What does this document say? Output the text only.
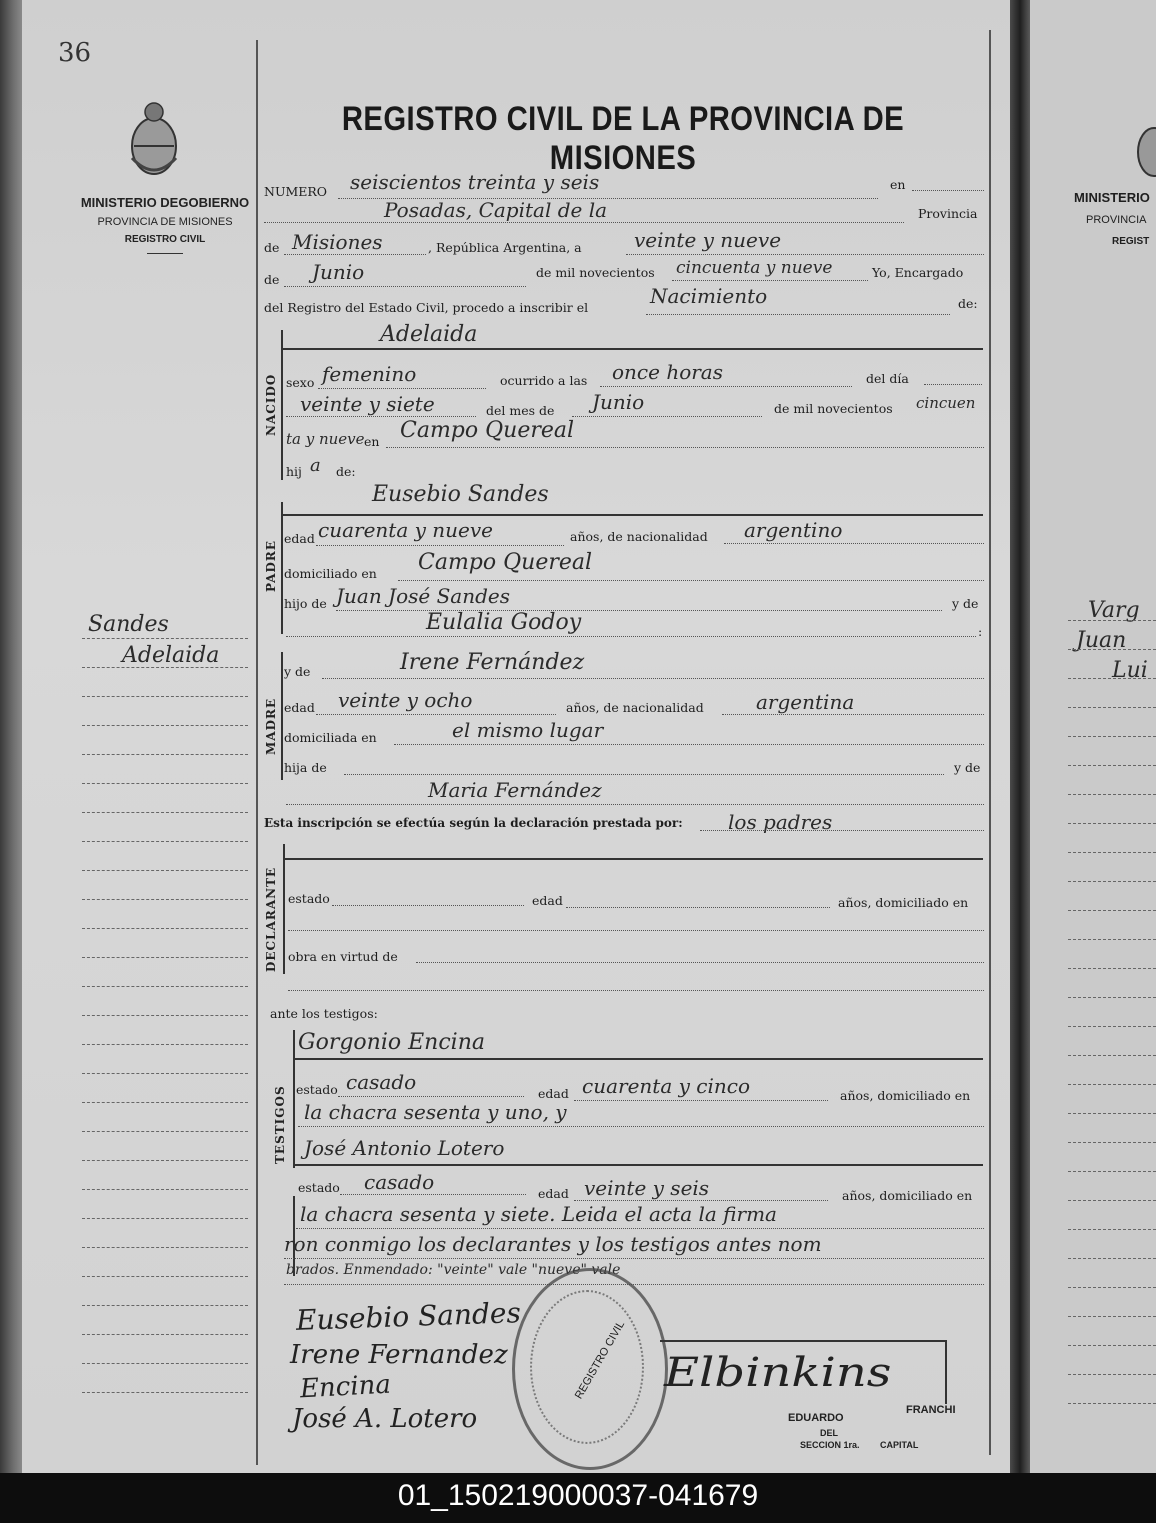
36
MINISTERIO DEGOBIERNO
PROVINCIA DE MISIONES
REGISTRO CIVIL
MINISTERIO
PROVINCIA
REGIST
REGISTRO CIVIL DE LA PROVINCIA DE MISIONES
Sandes
Adelaida
Varg
Juan
Lui
NUMERO seiscientos treinta y seis	en
Posadas, Capital de la	Provincia
de Misiones	, República Argentina, a	veinte y nueve
de Junio	de mil novecientos cincuenta y nueve	Yo, Encargado
del Registro del Estado Civil, procedo a inscribir el	Nacimiento	de:
NACIDO
Adelaida
sexo femenino	ocurrido a las once horas	del día
veinte y siete	del mes de Junio	de mil novecientos cincuen
ta y nueve en Campo Quereal
hij a de:
PADRE
Eusebio Sandes
edad cuarenta y nueve	años, de nacionalidad argentino
domiciliado en Campo Quereal
hijo de Juan José Sandes	y de
Eulalia Godoy	:
MADRE
y de	Irene Fernández
edad veinte y ocho	años, de nacionalidad	argentina
domiciliada en	el mismo lugar
hija de	y de
Maria Fernández
Esta inscripción se efectúa según la declaración prestada por: los padres
DECLARANTE estado	edad	años, domiciliado en
obra en virtud de
ante los testigos:
TESTIGOS
Gorgonio Encina
estado casado	edad cuarenta y cinco	años, domiciliado en
la chacra sesenta y uno, y
José Antonio Lotero
estado casado	edad veinte y seis	años, domiciliado en
la chacra sesenta y siete. Leida el acta la firma
ron conmigo los declarantes y los testigos antes nom
brados. Enmendado: "veinte" vale "nueve" vale
Eusebio Sandes
Irene Fernandez
Encina
José A. Lotero
REGISTRO CIVIL Elbinkins
EDUARDO
FRANCHI
DEL
SECCION 1ra. CAPITAL
01_150219000037-041679
